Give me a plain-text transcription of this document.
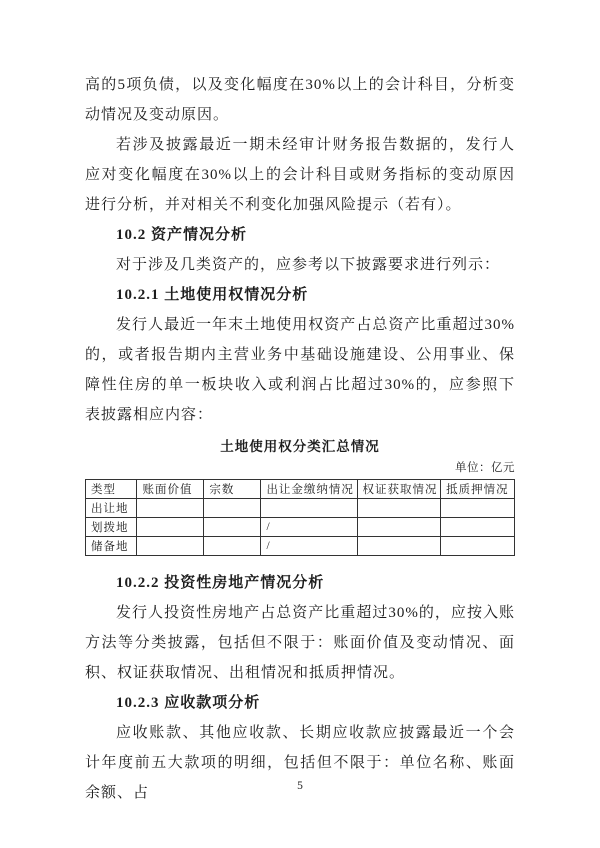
高的5项负债，以及变化幅度在30%以上的会计科目，分析变动情况及变动原因。

若涉及披露最近一期未经审计财务报告数据的，发行人应对变化幅度在30%以上的会计科目或财务指标的变动原因进行分析，并对相关不利变化加强风险提示（若有）。

10.2 资产情况分析

对于涉及几类资产的，应参考以下披露要求进行列示：

10.2.1 土地使用权情况分析

发行人最近一年末土地使用权资产占总资产比重超过30%的，或者报告期内主营业务中基础设施建设、公用事业、保障性住房的单一板块收入或利润占比超过30%的，应参照下表披露相应内容：

土地使用权分类汇总情况

单位：亿元

类型	账面价值	宗数	出让金缴纳情况	权证获取情况	抵质押情况
出让地					
划拨地			/		
储备地			/		
10.2.2 投资性房地产情况分析

发行人投资性房地产占总资产比重超过30%的，应按入账方法等分类披露，包括但不限于：账面价值及变动情况、面积、权证获取情况、出租情况和抵质押情况。

10.2.3 应收款项分析

应收账款、其他应收款、长期应收款应披露最近一个会计年度前五大款项的明细，包括但不限于：单位名称、账面余额、占	5
